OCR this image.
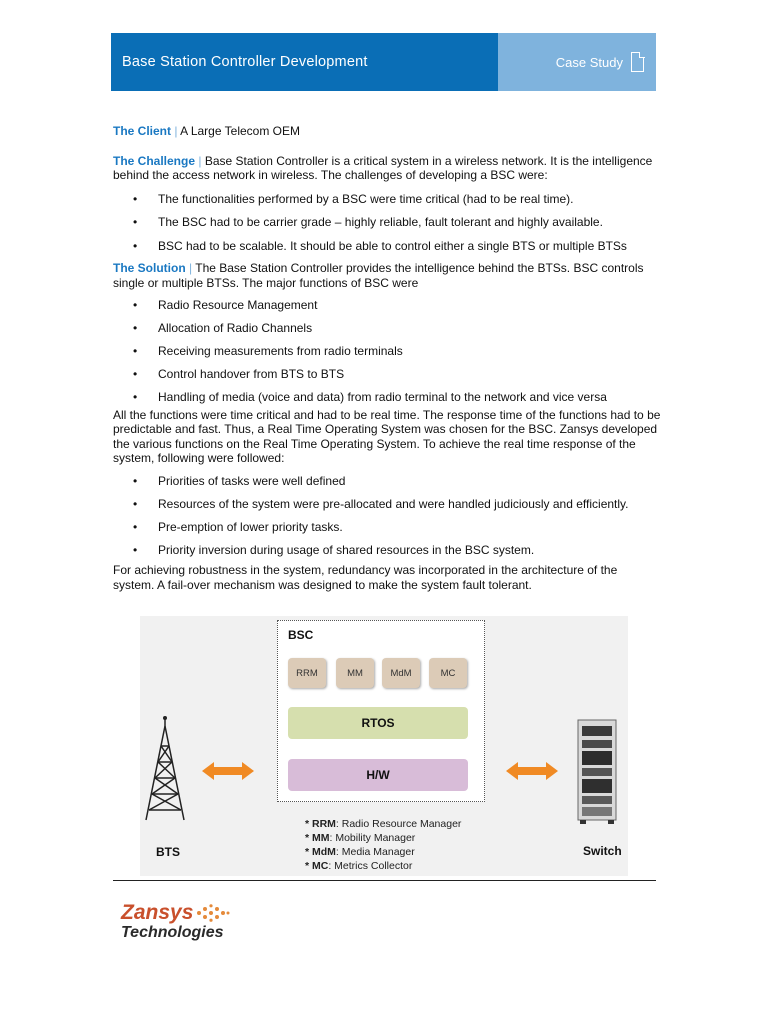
Base Station Controller Development	Case Study

The Client | A Large Telecom OEM

The Challenge | Base Station Controller is a critical system in a wireless network. It is the intelligence behind the access network in wireless. The challenges of developing a BSC were:

• The functionalities performed by a BSC were time critical (had to be real time).
• The BSC had to be carrier grade – highly reliable, fault tolerant and highly available.
• BSC had to be scalable. It should be able to control either a single BTS or multiple BTSs

The Solution | The Base Station Controller provides the intelligence behind the BTSs. BSC controls single or multiple BTSs. The major functions of BSC were

• Radio Resource Management
• Allocation of Radio Channels
• Receiving measurements from radio terminals
• Control handover from BTS to BTS
• Handling of media (voice and data) from radio terminal to the network and vice versa

All the functions were time critical and had to be real time. The response time of the functions had to be predictable and fast. Thus, a Real Time Operating System was chosen for the BSC. Zansys developed the various functions on the Real Time Operating System. To achieve the real time response of the system, following were followed:

• Priorities of tasks were well defined
• Resources of the system were pre-allocated and were handled judiciously and efficiently.
• Pre-emption of lower priority tasks.
• Priority inversion during usage of shared resources in the BSC system.

For achieving robustness in the system, redundancy was incorporated in the architecture of the system. A fail-over mechanism was designed to make the system fault tolerant.

BSC
RRM	MM	MdM	MC
RTOS
H/W
BTS	Switch
* RRM: Radio Resource Manager
* MM: Mobility Manager
* MdM: Media Manager
* MC: Metrics Collector
Zansys
Technologies
